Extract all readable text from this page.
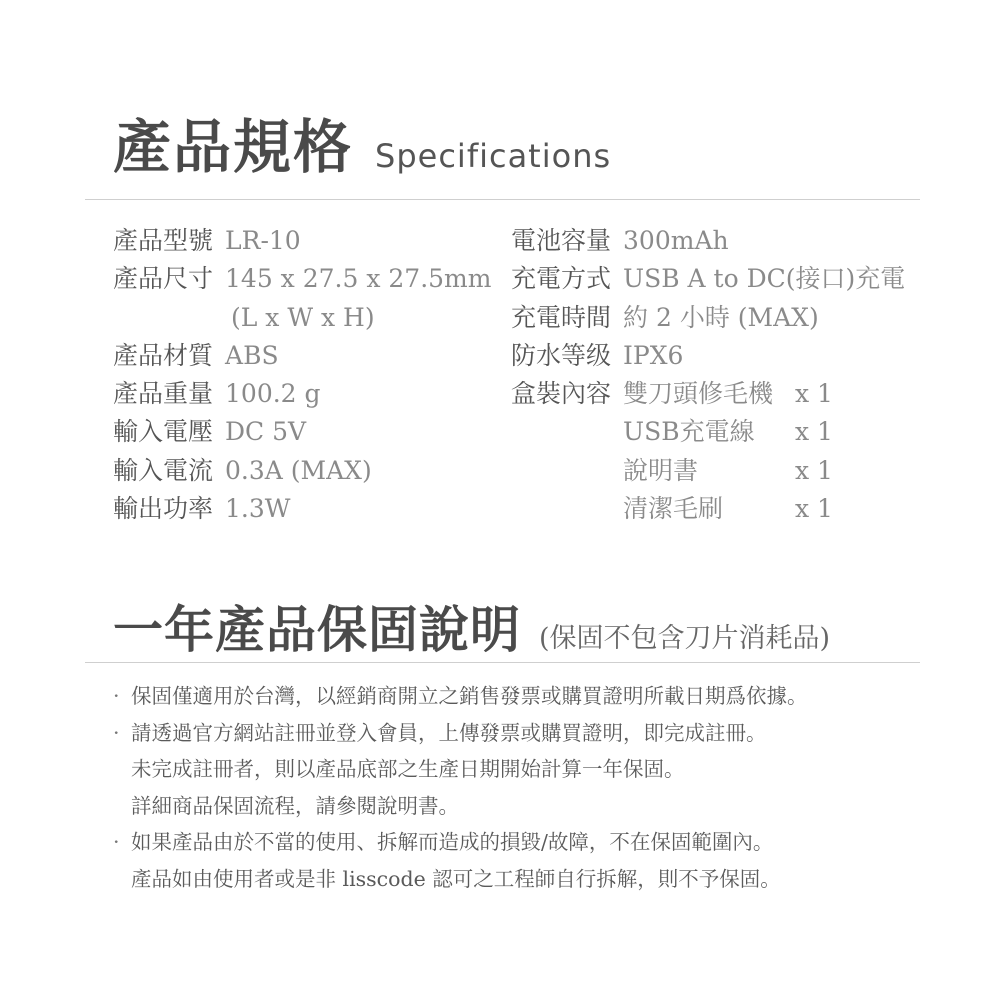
產品規格 Specifications
產品型號 LR-10
產品尺寸 145 x 27.5 x 27.5mm
(L x W x H)
產品材質 ABS
產品重量 100.2 g
輸入電壓 DC 5V
輸入電流 0.3A (MAX)
輸出功率 1.3W
電池容量 300mAh
充電方式 USB A to DC(接口)充電
充電時間 約 2 小時 (MAX)
防水等级 IPX6
盒裝內容 雙刀頭修毛機 x 1
USB充電線	x 1
說明書	x 1
清潔毛刷	x 1
一年產品保固說明 (保固不包含刀片消耗品)
· 保固僅適用於台灣，以經銷商開立之銷售發票或購買證明所載日期爲依據。
· 請透過官方網站註冊並登入會員，上傳發票或購買證明，即完成註冊。
未完成註冊者，則以產品底部之生產日期開始計算一年保固。
詳細商品保固流程，請參閱說明書。
· 如果產品由於不當的使用、拆解而造成的損毀/故障，不在保固範圍內。
產品如由使用者或是非 lisscode 認可之工程師自行拆解，則不予保固。
